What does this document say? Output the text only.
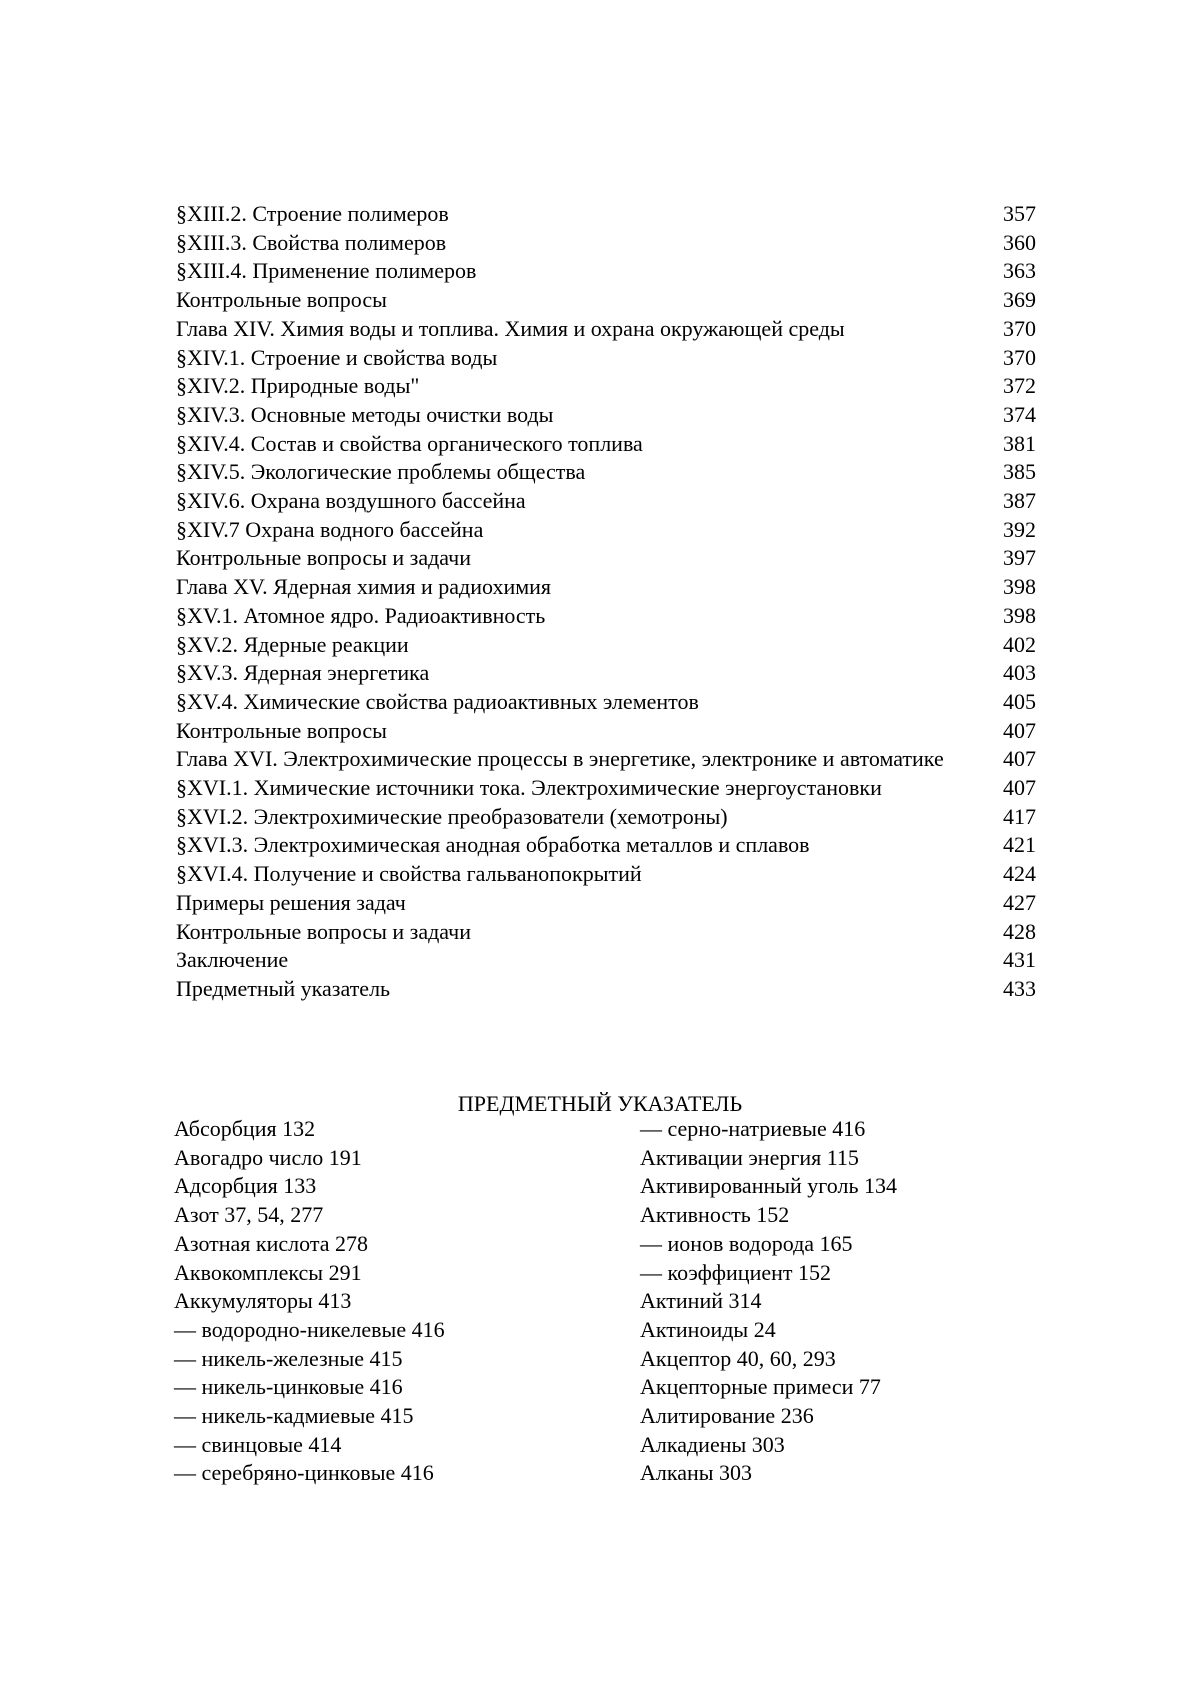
§XIII.2. Строение полимеров	357
§XIII.3. Свойства полимеров	360
§XIII.4. Применение полимеров	363
Контрольные вопросы	369
Глава XIV. Химия воды и топлива. Химия и охрана окружающей среды	370
§XIV.1. Строение и свойства воды	370
§XIV.2. Природные воды"	372
§XIV.3. Основные методы очистки воды	374
§XIV.4. Состав и свойства органического топлива	381
§XIV.5. Экологические проблемы общества	385
§XIV.6. Охрана воздушного бассейна	387
§XIV.7 Охрана водного бассейна	392
Контрольные вопросы и задачи	397
Глава XV. Ядерная химия и радиохимия	398
§XV.1. Атомное ядро. Радиоактивность	398
§XV.2. Ядерные реакции	402
§XV.3. Ядерная энергетика	403
§XV.4. Химические свойства радиоактивных элементов	405
Контрольные вопросы	407
Глава XVI. Электрохимические процессы в энергетике, электронике и автоматике	407
§XVI.1. Химические источники тока. Электрохимические энергоустановки	407
§XVI.2. Электрохимические преобразователи (хемотроны)	417
§XVI.3. Электрохимическая анодная обработка металлов и сплавов	421
§XVI.4. Получение и свойства гальванопокрытий	424
Примеры решения задач	427
Контрольные вопросы и задачи	428
Заключение	431
Предметный указатель	433
ПРЕДМЕТНЫЙ УКАЗАТЕЛЬ
Абсорбция 132
Авогадро число 191
Адсорбция 133
Азот 37, 54, 277
Азотная кислота 278
Аквокомплексы 291
Аккумуляторы 413
— водородно-никелевые 416
— никель-железные 415
— никель-цинковые 416
— никель-кадмиевые 415
— свинцовые 414
— серебряно-цинковые 416
— серно-натриевые 416
Активации энергия 115
Активированный уголь 134
Активность 152
— ионов водорода 165
— коэффициент 152
Актиний 314
Актиноиды 24
Акцептор 40, 60, 293
Акцепторные примеси 77
Алитирование 236
Алкадиены 303
Алканы 303
